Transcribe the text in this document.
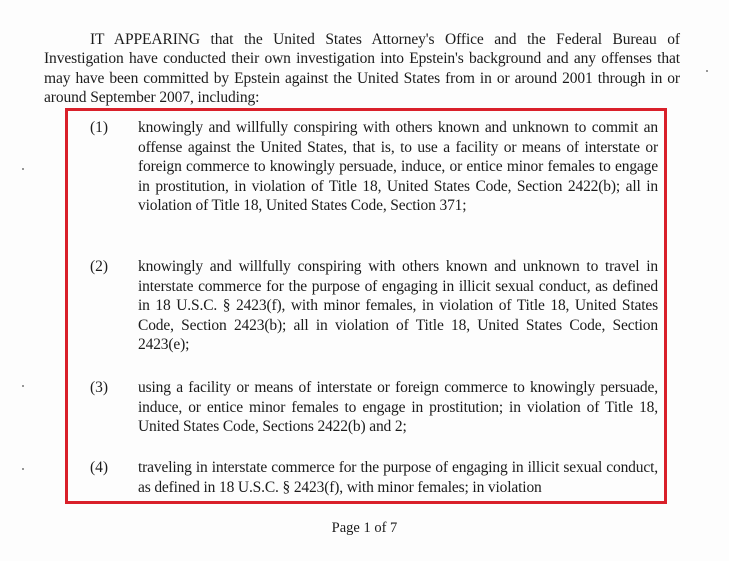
IT APPEARING that the United States Attorney's Office and the Federal Bureau of Investigation have conducted their own investigation into Epstein's background and any offenses that may have been committed by Epstein against the United States from in or around 2001 through in or around September 2007, including:

(1) knowingly and willfully conspiring with others known and unknown to commit an offense against the United States, that is, to use a facility or means of interstate or foreign commerce to knowingly persuade, induce, or entice minor females to engage in prostitution, in violation of Title 18, United States Code, Section 2422(b); all in violation of Title 18, United States Code, Section 371;
(2) knowingly and willfully conspiring with others known and unknown to travel in interstate commerce for the purpose of engaging in illicit sexual conduct, as defined in 18 U.S.C. § 2423(f), with minor females, in violation of Title 18, United States Code, Section 2423(b); all in violation of Title 18, United States Code, Section 2423(e);
(3) using a facility or means of interstate or foreign commerce to knowingly persuade, induce, or entice minor females to engage in prostitution; in violation of Title 18, United States Code, Sections 2422(b) and 2;
(4) traveling in interstate commerce for the purpose of engaging in illicit sexual conduct, as defined in 18 U.S.C. § 2423(f), with minor females; in violation
Page 1 of 7
